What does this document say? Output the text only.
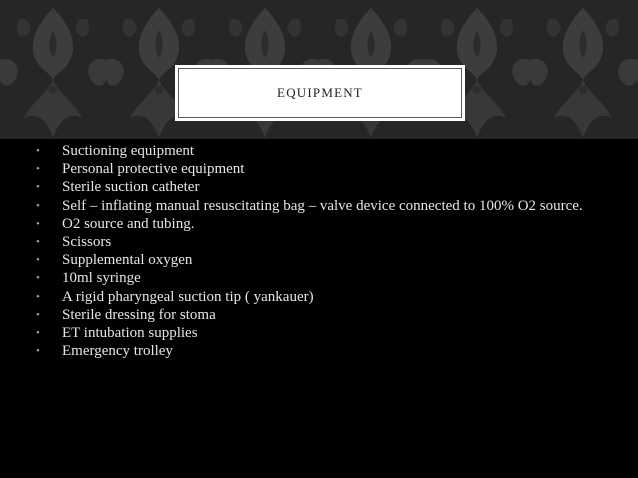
EQUIPMENT
• Suctioning equipment
• Personal protective equipment
• Sterile suction catheter
• Self – inflating manual resuscitating bag – valve device connected to 100% O2 source.
• O2 source and tubing.
• Scissors
• Supplemental oxygen
• 10ml syringe
• A rigid pharyngeal suction tip ( yankauer)
• Sterile dressing for stoma
• ET intubation supplies
• Emergency trolley
